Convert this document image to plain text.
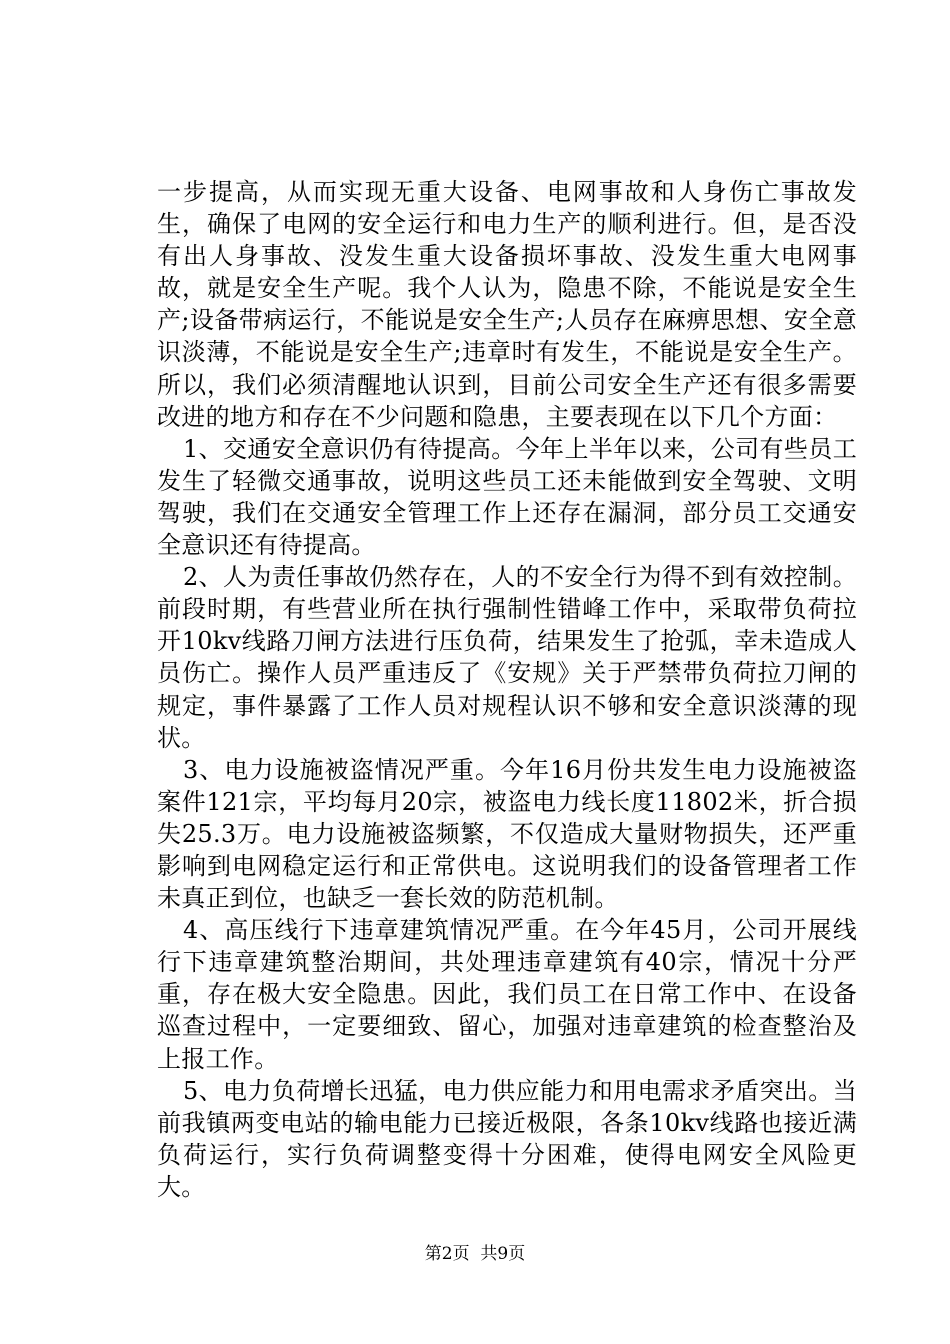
一步提高，从而实现无重大设备、电网事故和人身伤亡事故发生，确保了电网的安全运行和电力生产的顺利进行。但，是否没有出人身事故、没发生重大设备损坏事故、没发生重大电网事故，就是安全生产呢。我个人认为，隐患不除，不能说是安全生产;设备带病运行，不能说是安全生产;人员存在麻痹思想、安全意识淡薄，不能说是安全生产;违章时有发生，不能说是安全生产。所以，我们必须清醒地认识到，目前公司安全生产还有很多需要改进的地方和存在不少问题和隐患，主要表现在以下几个方面：

1、交通安全意识仍有待提高。今年上半年以来，公司有些员工发生了轻微交通事故，说明这些员工还未能做到安全驾驶、文明驾驶，我们在交通安全管理工作上还存在漏洞，部分员工交通安全意识还有待提高。

2、人为责任事故仍然存在，人的不安全行为得不到有效控制。前段时期，有些营业所在执行强制性错峰工作中，采取带负荷拉开10kv线路刀闸方法进行压负荷，结果发生了抢弧，幸未造成人员伤亡。操作人员严重违反了《安规》关于严禁带负荷拉刀闸的规定，事件暴露了工作人员对规程认识不够和安全意识淡薄的现状。

3、电力设施被盗情况严重。今年16月份共发生电力设施被盗案件121宗，平均每月20宗，被盗电力线长度11802米，折合损失25.3万。电力设施被盗频繁，不仅造成大量财物损失，还严重影响到电网稳定运行和正常供电。这说明我们的设备管理者工作未真正到位，也缺乏一套长效的防范机制。

4、高压线行下违章建筑情况严重。在今年45月，公司开展线行下违章建筑整治期间，共处理违章建筑有40宗，情况十分严重，存在极大安全隐患。因此，我们员工在日常工作中、在设备巡查过程中，一定要细致、留心，加强对违章建筑的检查整治及上报工作。

5、电力负荷增长迅猛，电力供应能力和用电需求矛盾突出。当前我镇两变电站的输电能力已接近极限，各条10kv线路也接近满负荷运行，实行负荷调整变得十分困难，使得电网安全风险更大。

第2页  共9页
